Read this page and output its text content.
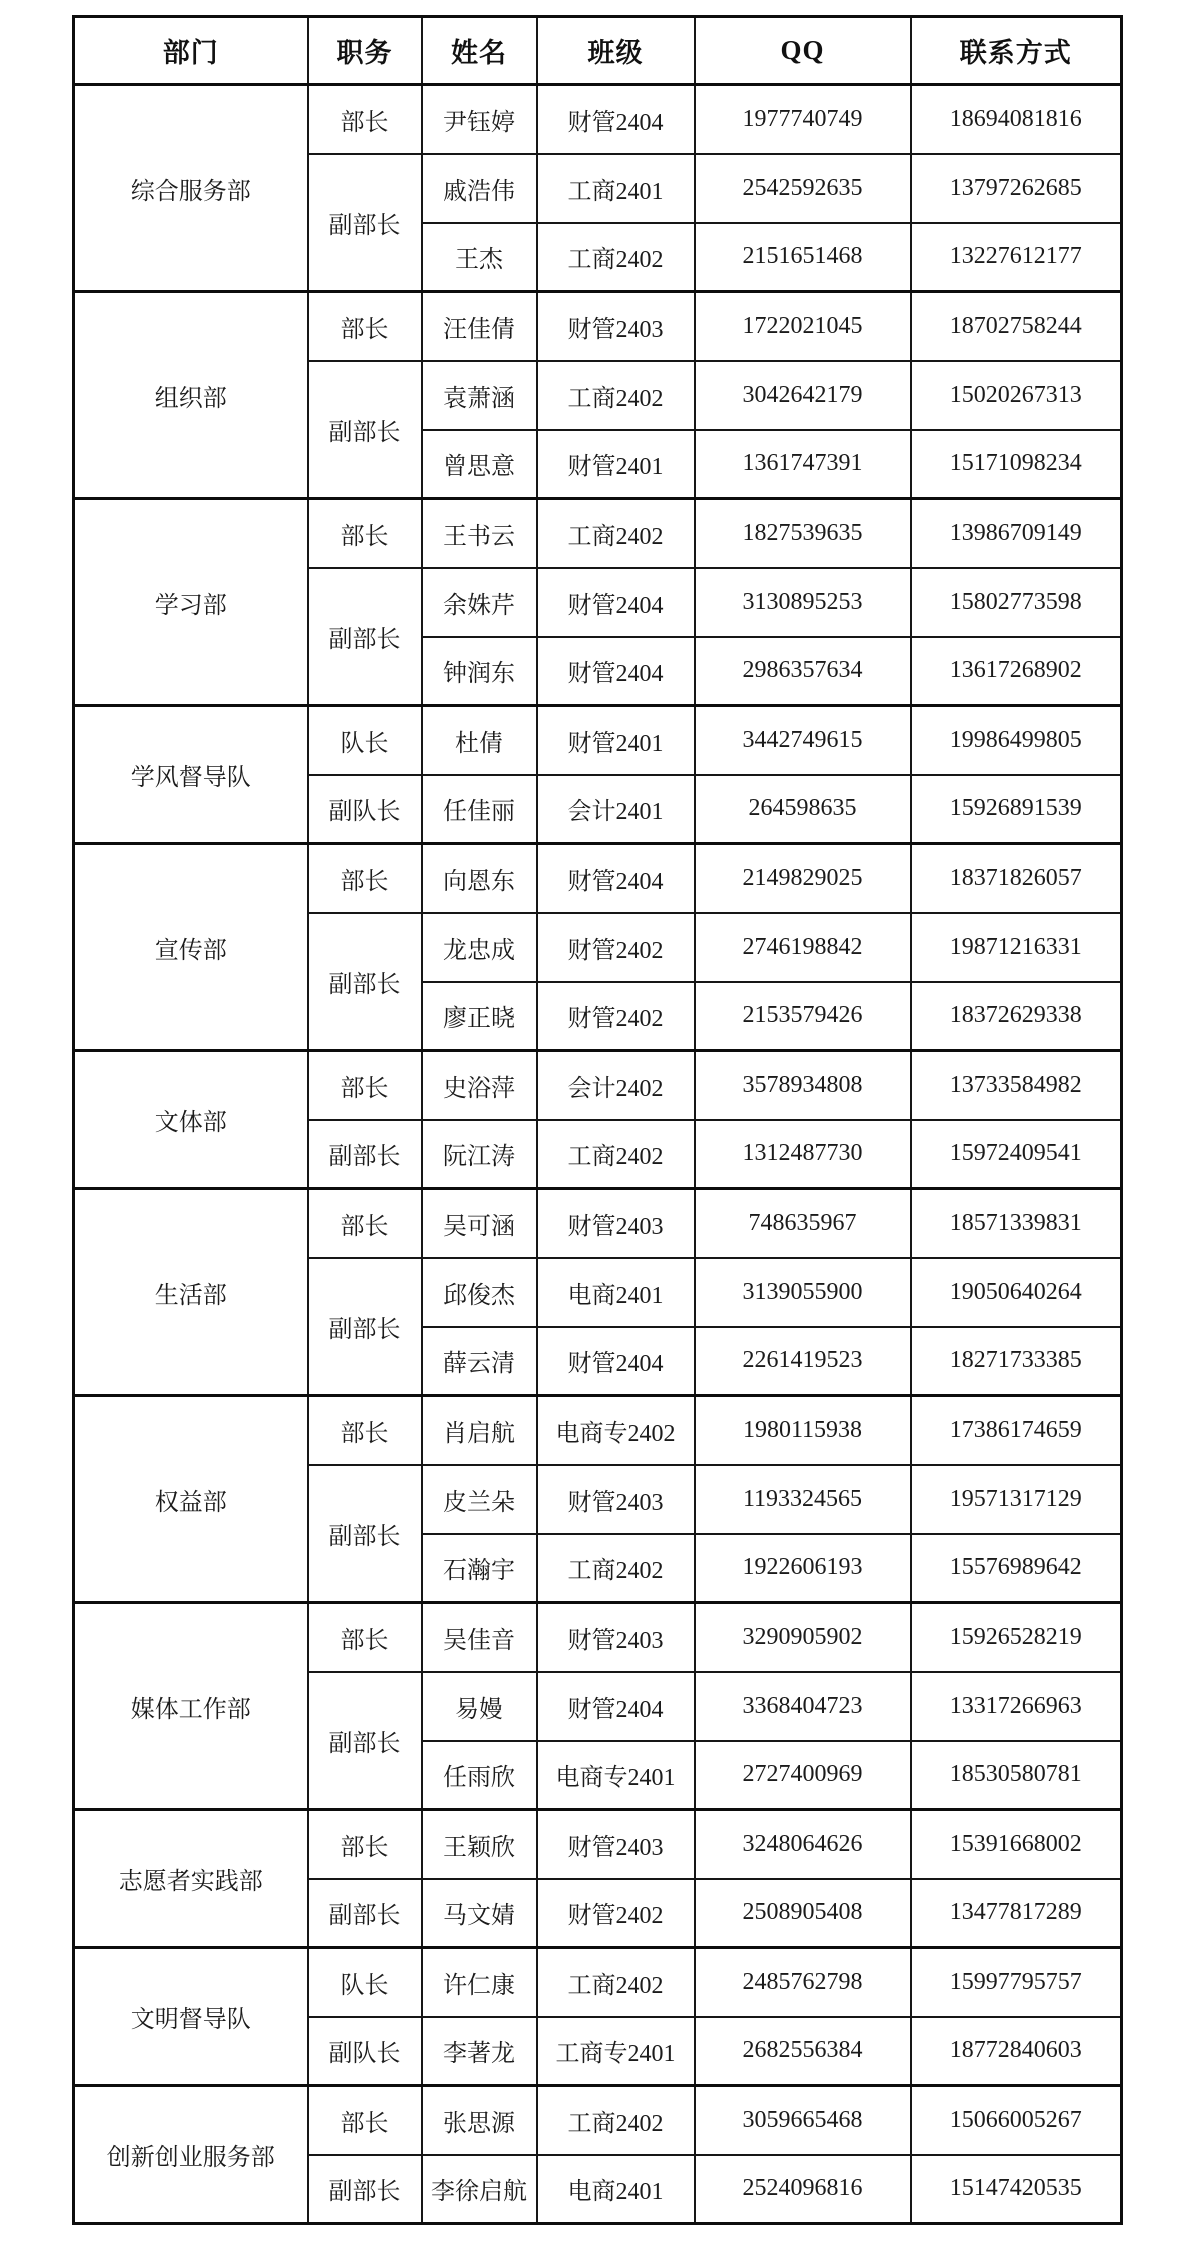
部门	职务	姓名	班级	QQ	联系方式
综合服务部	部长	尹钰婷	财管2404	1977740749	18694081816
	副部长	戚浩伟	工商2401	2542592635	13797262685
		王杰	工商2402	2151651468	13227612177
组织部	部长	汪佳倩	财管2403	1722021045	18702758244
	副部长	袁萧涵	工商2402	3042642179	15020267313
		曾思意	财管2401	1361747391	15171098234
学习部	部长	王书云	工商2402	1827539635	13986709149
	副部长	余姝芹	财管2404	3130895253	15802773598
		钟润东	财管2404	2986357634	13617268902
学风督导队	队长	杜倩	财管2401	3442749615	19986499805
	副队长	任佳丽	会计2401	264598635	15926891539
宣传部	部长	向恩东	财管2404	2149829025	18371826057
	副部长	龙忠成	财管2402	2746198842	19871216331
		廖正晓	财管2402	2153579426	18372629338
文体部	部长	史浴萍	会计2402	3578934808	13733584982
	副部长	阮江涛	工商2402	1312487730	15972409541
生活部	部长	吴可涵	财管2403	748635967	18571339831
	副部长	邱俊杰	电商2401	3139055900	19050640264
		薛云清	财管2404	2261419523	18271733385
权益部	部长	肖启航	电商专2402	1980115938	17386174659
	副部长	皮兰朵	财管2403	1193324565	19571317129
		石瀚宇	工商2402	1922606193	15576989642
媒体工作部	部长	吴佳音	财管2403	3290905902	15926528219
	副部长	易嫚	财管2404	3368404723	13317266963
		任雨欣	电商专2401	2727400969	18530580781
志愿者实践部	部长	王颖欣	财管2403	3248064626	15391668002
	副部长	马文婧	财管2402	2508905408	13477817289
文明督导队	队长	许仁康	工商2402	2485762798	15997795757
	副队长	李著龙	工商专2401	2682556384	18772840603
创新创业服务部	部长	张思源	工商2402	3059665468	15066005267
	副部长	李徐启航	电商2401	2524096816	15147420535
